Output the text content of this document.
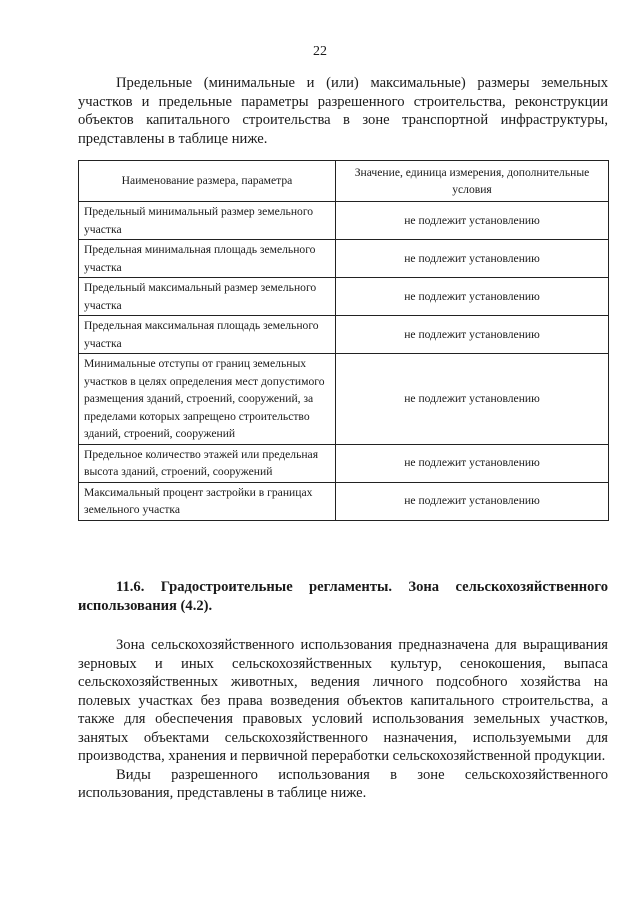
22

Предельные (минимальные и (или) максимальные) размеры земельных участков и предельные параметры разрешенного строительства, реконструкции объектов капитального строительства в зоне транспортной инфраструктуры, представлены в таблице ниже.

Наименование размера, параметра	Значение, единица измерения, дополнительные условия
Предельный минимальный размер земельного участка	не подлежит установлению
Предельная минимальная площадь земельного участка	не подлежит установлению
Предельный максимальный размер земельного участка	не подлежит установлению
Предельная максимальная площадь земельного участка	не подлежит установлению
Минимальные отступы от границ земельных участков в целях определения мест допустимого размещения зданий, строений, сооружений, за пределами которых запрещено строительство зданий, строений, сооружений	не подлежит установлению
Предельное количество этажей или предельная высота зданий, строений, сооружений	не подлежит установлению
Максимальный процент застройки в границах земельного участка	не подлежит установлению

11.6. Градостроительные регламенты. Зона сельскохозяйственного использования (4.2).

Зона сельскохозяйственного использования предназначена для выращивания зерновых и иных сельскохозяйственных культур, сенокошения, выпаса сельскохозяйственных животных, ведения личного подсобного хозяйства на полевых участках без права возведения объектов капитального строительства, а также для обеспечения правовых условий использования земельных участков, занятых объектами сельскохозяйственного назначения, используемыми для производства, хранения и первичной переработки сельскохозяйственной продукции.

Виды разрешенного использования в зоне сельскохозяйственного использования, представлены в таблице ниже.
